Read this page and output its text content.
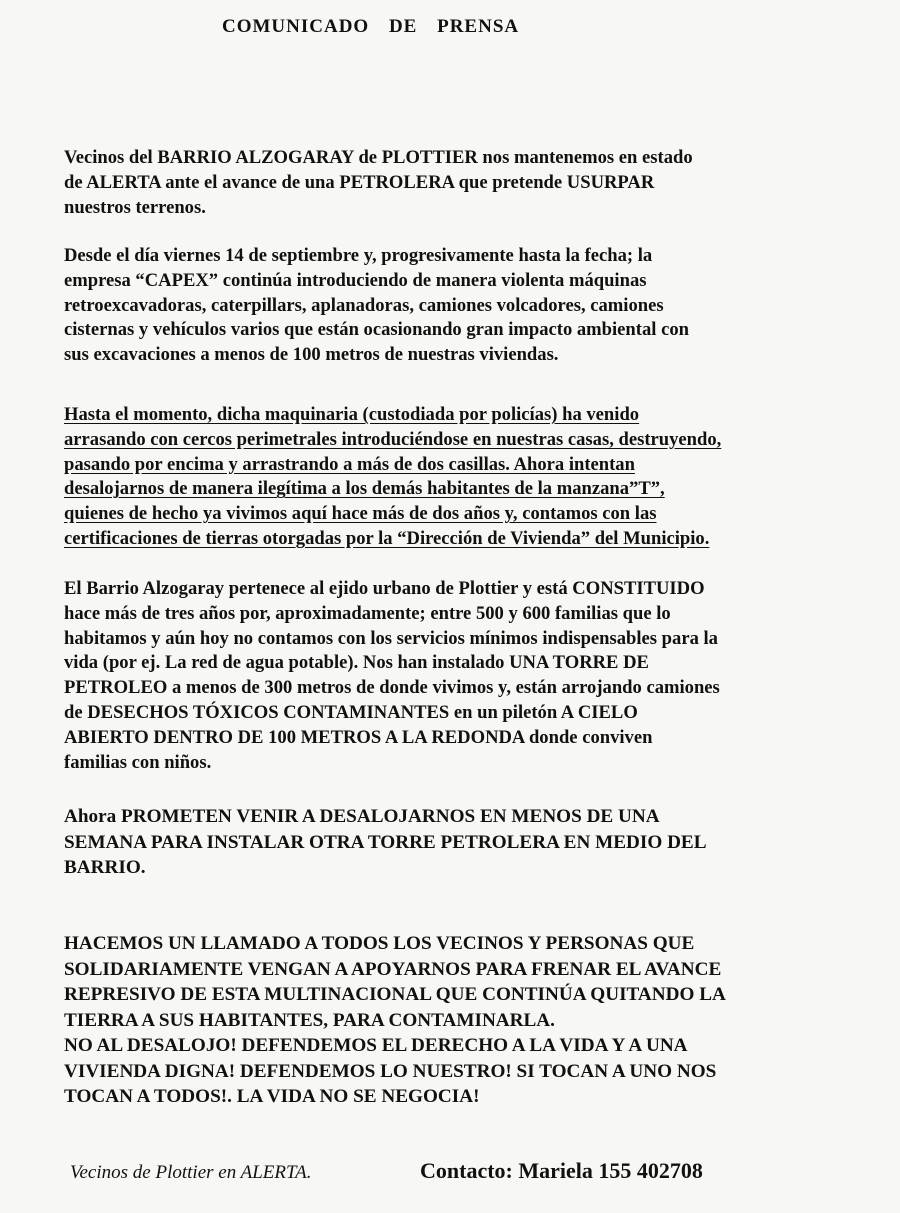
COMUNICADO DE PRENSA
Vecinos del BARRIO ALZOGARAY de PLOTTIER nos mantenemos en estado
de ALERTA ante el avance de una PETROLERA que pretende USURPAR
nuestros terrenos.
Desde el día viernes 14 de septiembre y, progresivamente hasta la fecha; la
empresa “CAPEX” continúa introduciendo de manera violenta máquinas
retroexcavadoras, caterpillars, aplanadoras, camiones volcadores, camiones
cisternas y vehículos varios que están ocasionando gran impacto ambiental con
sus excavaciones a menos de 100 metros de nuestras viviendas.
Hasta el momento, dicha maquinaria (custodiada por policías) ha venido
arrasando con cercos perimetrales introduciéndose en nuestras casas, destruyendo,
pasando por encima y arrastrando a más de dos casillas. Ahora intentan
desalojarnos de manera ilegítima a los demás habitantes de la manzana”T”,
quienes de hecho ya vivimos aquí hace más de dos años y, contamos con las
certificaciones de tierras otorgadas por la “Dirección de Vivienda” del Municipio.
El Barrio Alzogaray pertenece al ejido urbano de Plottier y está CONSTITUIDO
hace más de tres años por, aproximadamente; entre 500 y 600 familias que lo
habitamos y aún hoy no contamos con los servicios mínimos indispensables para la
vida (por ej. La red de agua potable). Nos han instalado UNA TORRE DE
PETROLEO a menos de 300 metros de donde vivimos y, están arrojando camiones
de DESECHOS TÓXICOS CONTAMINANTES en un piletón A CIELO
ABIERTO DENTRO DE 100 METROS A LA REDONDA donde conviven
familias con niños.
Ahora PROMETEN VENIR A DESALOJARNOS EN MENOS DE UNA
SEMANA PARA INSTALAR OTRA TORRE PETROLERA EN MEDIO DEL
BARRIO.
HACEMOS UN LLAMADO A TODOS LOS VECINOS Y PERSONAS QUE
SOLIDARIAMENTE VENGAN A APOYARNOS PARA FRENAR EL AVANCE
REPRESIVO DE ESTA MULTINACIONAL QUE CONTINÚA QUITANDO LA
TIERRA A SUS HABITANTES, PARA CONTAMINARLA.
NO AL DESALOJO! DEFENDEMOS EL DERECHO A LA VIDA Y A UNA
VIVIENDA DIGNA! DEFENDEMOS LO NUESTRO! SI TOCAN A UNO NOS
TOCAN A TODOS!. LA VIDA NO SE NEGOCIA!
Vecinos de Plottier en ALERTA.	Contacto: Mariela 155 402708
